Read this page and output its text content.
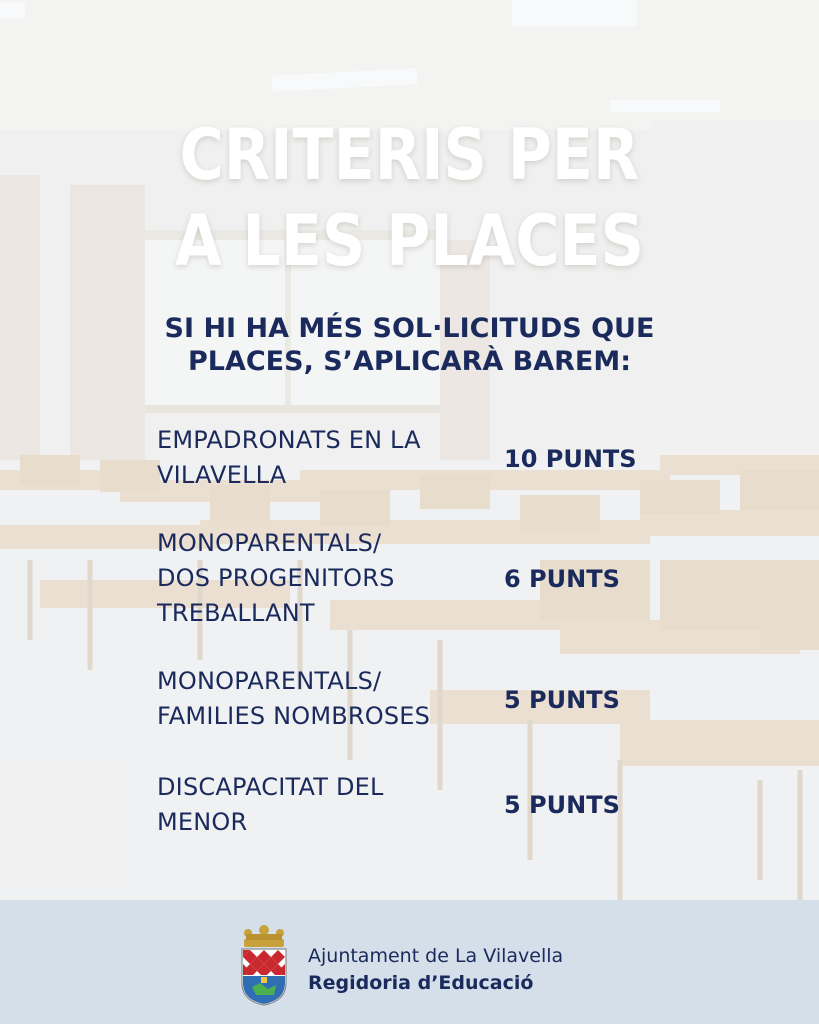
CRITERIS PER
A LES PLACES
SI HI HA MÉS SOL·LICITUDS QUE
PLACES, S’APLICARÀ BAREM:
EMPADRONATS EN LA
VILAVELLA
10 PUNTS
MONOPARENTALS/
DOS PROGENITORS
TREBALLANT
6 PUNTS
MONOPARENTALS/
FAMILIES NOMBROSES
5 PUNTS
DISCAPACITAT DEL
MENOR
5 PUNTS
Ajuntament de La Vilavella
Regidoria d’Educació
